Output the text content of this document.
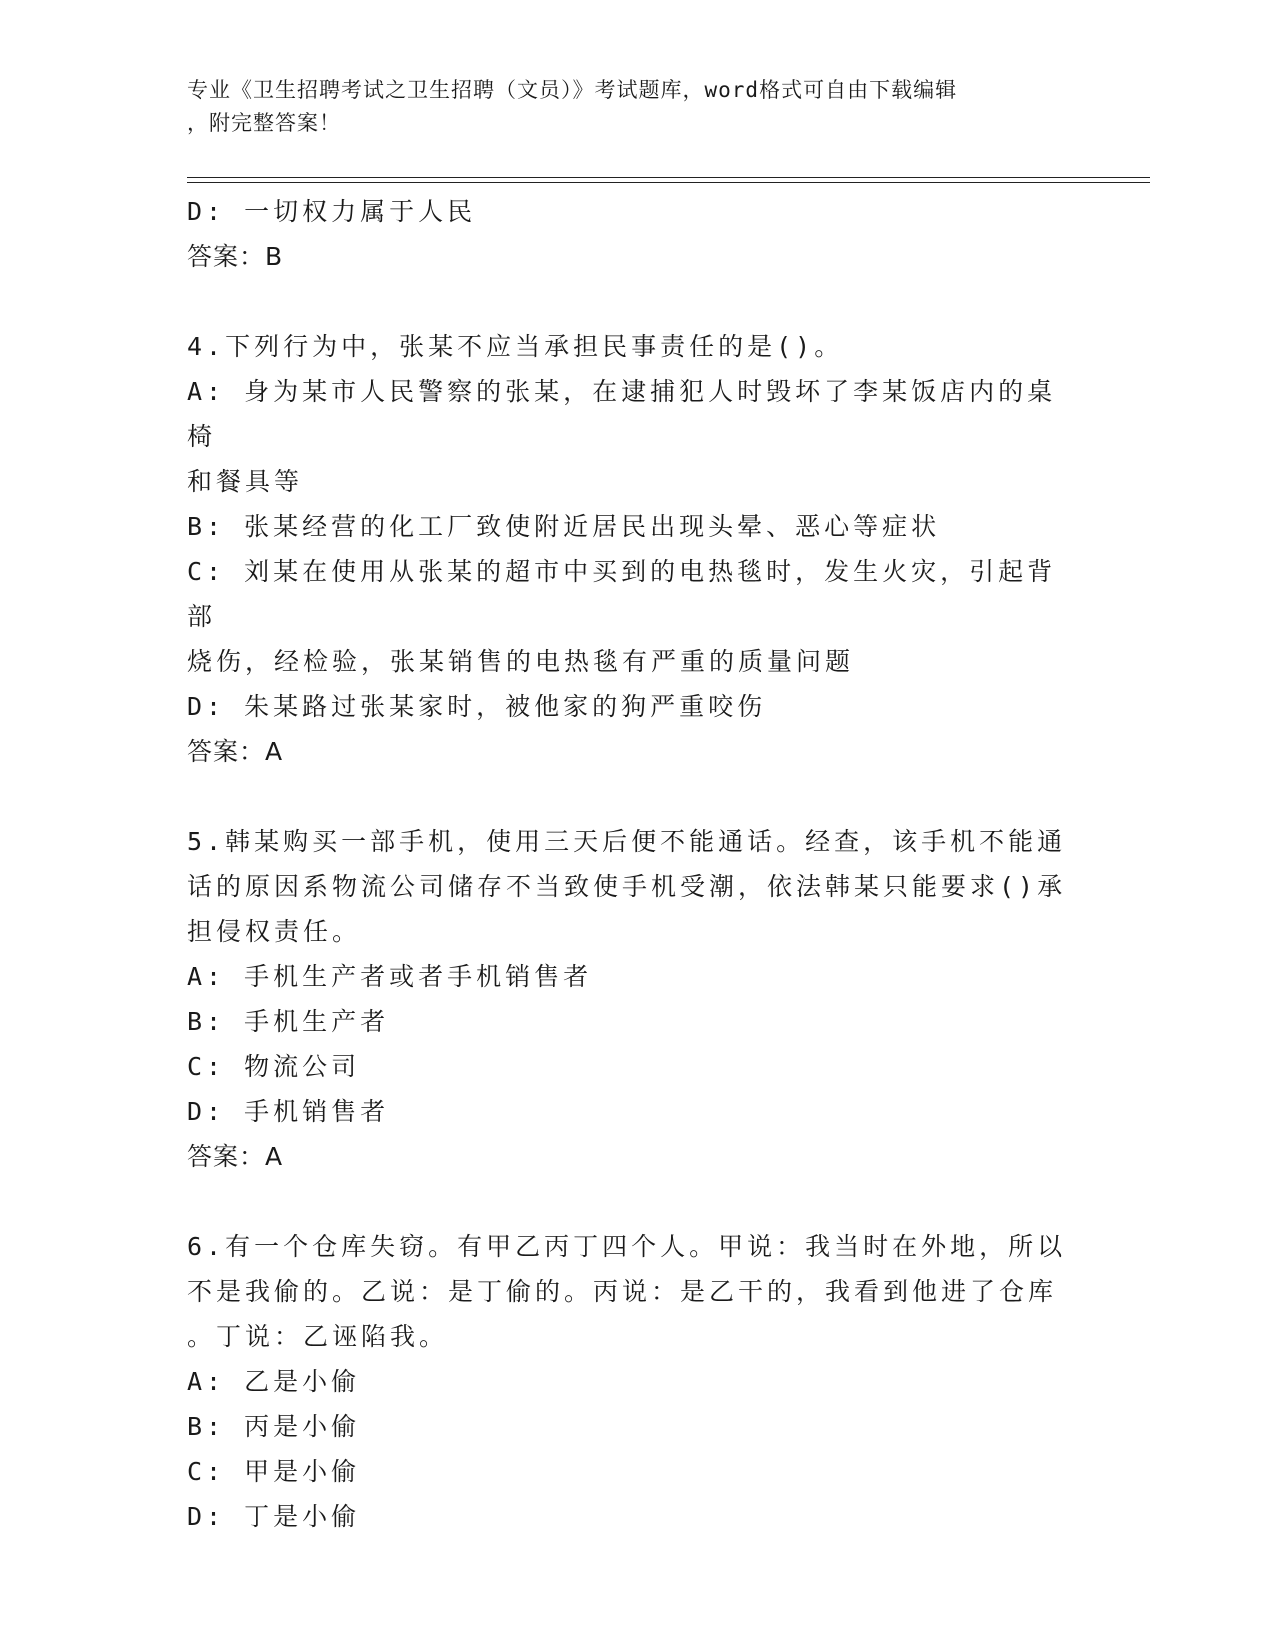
专业《卫生招聘考试之卫生招聘（文员）》考试题库，word格式可自由下载编辑
，附完整答案！
D: 一切权力属于人民
答案：B
4.下列行为中，张某不应当承担民事责任的是()。
A: 身为某市人民警察的张某，在逮捕犯人时毁坏了李某饭店内的桌椅
和餐具等
B: 张某经营的化工厂致使附近居民出现头晕、恶心等症状
C: 刘某在使用从张某的超市中买到的电热毯时，发生火灾，引起背部
烧伤，经检验，张某销售的电热毯有严重的质量问题
D: 朱某路过张某家时，被他家的狗严重咬伤
答案：A
5.韩某购买一部手机，使用三天后便不能通话。经查，该手机不能通
话的原因系物流公司储存不当致使手机受潮，依法韩某只能要求()承
担侵权责任。
A: 手机生产者或者手机销售者
B: 手机生产者
C: 物流公司
D: 手机销售者
答案：A
6.有一个仓库失窃。有甲乙丙丁四个人。甲说：我当时在外地，所以
不是我偷的。乙说：是丁偷的。丙说：是乙干的，我看到他进了仓库
。丁说：乙诬陷我。
A: 乙是小偷
B: 丙是小偷
C: 甲是小偷
D: 丁是小偷
